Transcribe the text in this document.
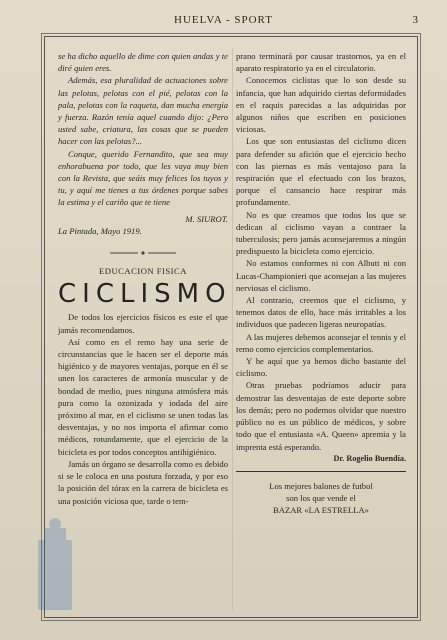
HUELVA - SPORT	3

se ha dicho aquello de dime con quien andas y te diré quien eres.

Además, esa pluralidad de actuaciones sobre las pelotas, pelotas con el pié, pelotas con la pala, pelotas con la raqueta, dan mucha energía y fuerza. Razón tenía aquel cuando dijo: ¿Pero usted sabe, criatura, las cosas que se pueden hacer con las pelotas?...

Conque, querido Fernandito, que sea muy enhorabuena por todo, que les vaya muy bien con la Revista, que seáis muy felices los tuyos y tu, y aquí me tienes a tus órdenes porque sabes la estima y el cariño que te tiene

M. SIUROT.

La Pintada, Mayo 1919.

EDUCACION FISICA

CICLISMO

De todos los ejercicios físicos es este el que jamás recomendamos.

Así como en el remo hay una serie de circunstancias que le hacen ser el deporte más higiénico y de mayores ventajas, porque en él se unen los caracteres de armonía muscular y de bondad de medio, pues ninguna atmósfera más pura como la ozonizada y iodada del aire próximo al mar, en el ciclismo se unen todas las desventajas, y no nos importa el afirmar como médicos, rotundamente, que el ejercicio de la bicicleta es por todos conceptos antihigiénico.

Jamás un órgano se desarrolla como es debido si se le coloca en una postura forzada, y por eso la posición del tórax en la carrera de bicicleta es una posición viciosa que, tarde o tem-

prano terminará por causar trastornos, ya en el aparato respiratorio ya en el circulatorio.

Conocemos ciclistas que lo son desde su infancia, que han adquirido ciertas deformidades en el raquis parecidas a las adquiridas por algunos niños que escriben en posiciones viciosas.

Los que son entusiastas del ciclismo dicen para defender su afición que el ejercicio hecho con las piernas es más ventajoso para la respiración que el efectuado con los brazos, porque el cansancio hace respirar más profundamente.

No es que creamos que todos los que se dedican al ciclismo vayan a contraer la tuberculosis; pero jamás aconsejaremos a ningún predispuesto la bicicleta como ejercicio.

No estamos conformes ni con Albutt ni con Lucas-Championieri que aconsejan a las mujeres nerviosas el ciclismo.

Al contrario, creemos que el ciclismo, y tenemos datos de ello, hace más irritables a los individuos que padecen ligeras neuropatías.

A las mujeres debemos aconsejar el tennis y el remo como ejercicios complementarios.

Y he aquí que ya hemos dicho bastante del ciclismo.

Otras pruebas podríamos aducir para demostrar las desventajas de este deporte sobre los demás; pero no podemos olvidar que nuestro público no es un público de médicos, y sobre todo que el entusiasta «A. Queen» apremia y la imprenta está esperando.

Dr. Rogelio Buendía.

Los mejores balones de futbol

son los que vende el

BAZAR «LA ESTRELLA»
